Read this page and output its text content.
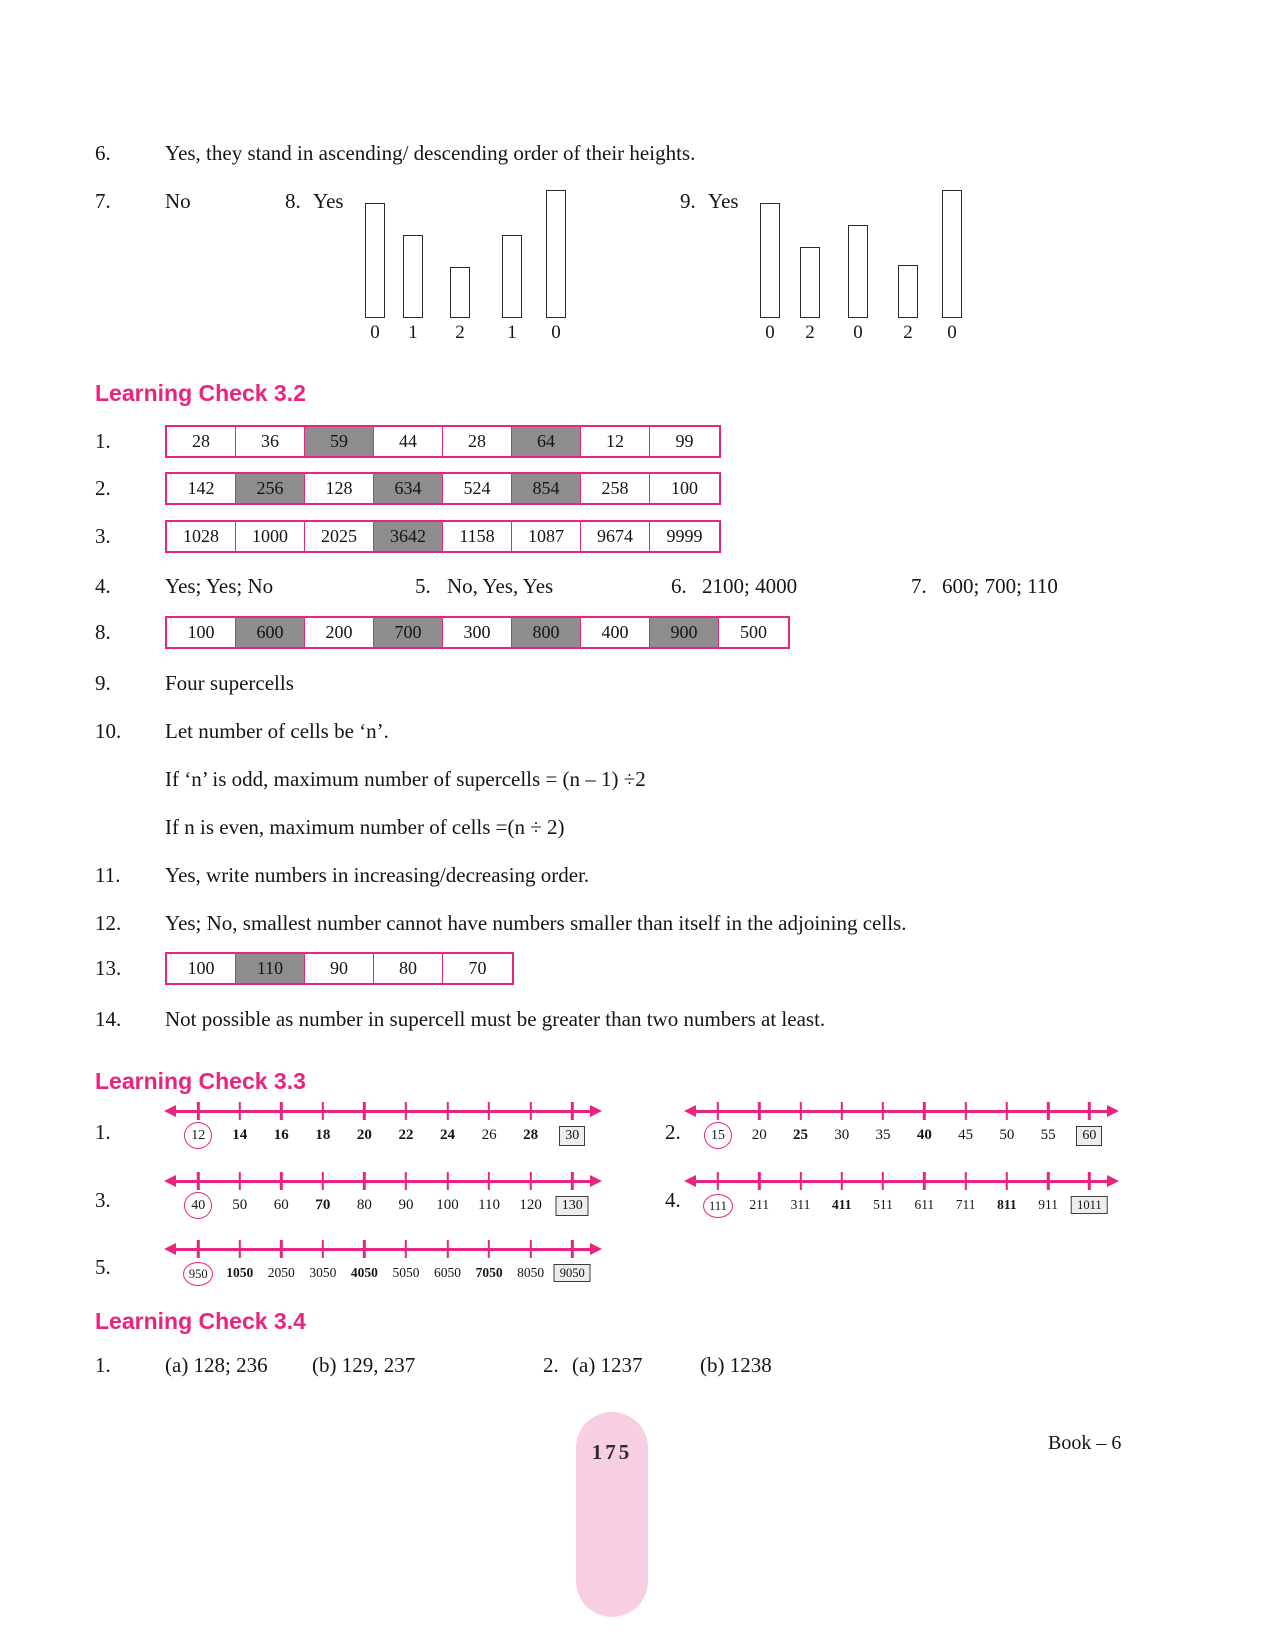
6.	Yes, they stand in ascending/ descending order of their heights.
7.	No	8. Yes
0 1 2 1 0
9. Yes
0 2 0 2 0
Learning Check 3.2
1.	28	36	59	44	28	64	12	99
2.	142	256	128	634	524	854	258	100
3.	1028	1000	2025	3642	1158	1087	9674	9999
4.	Yes; Yes; No	5. No, Yes, Yes	6. 2100; 4000	7. 600; 700; 110
8.	100	600	200	700	300	800	400	900	500
9.	Four supercells
10. Let number of cells be ‘n’.
If ‘n’ is odd, maximum number of supercells = (n – 1) ÷2
If n is even, maximum number of cells =(n ÷ 2)
11. Yes, write numbers in increasing/decreasing order.
12. Yes; No, smallest number cannot have numbers smaller than itself in the adjoining cells.
13.	100	110	90	80	70
14. Not possible as number in supercell must be greater than two numbers at least.
Learning Check 3.3
1.	12	14 16 18 20 22 24 26 28	30	2.	15	20 25 30 35 40 45 50 55	60
3.	40	50 60 70 80 90 100 110 120	130	4.	111	211 311 411 511 611 711 811 911	1011
5.	950	1050 2050 3050 4050 5050 6050 7050 8050	9050
Learning Check 3.4
1.	(a) 128; 236 (b) 129, 237	2. (a) 1237	(b) 1238
175	Book – 6
